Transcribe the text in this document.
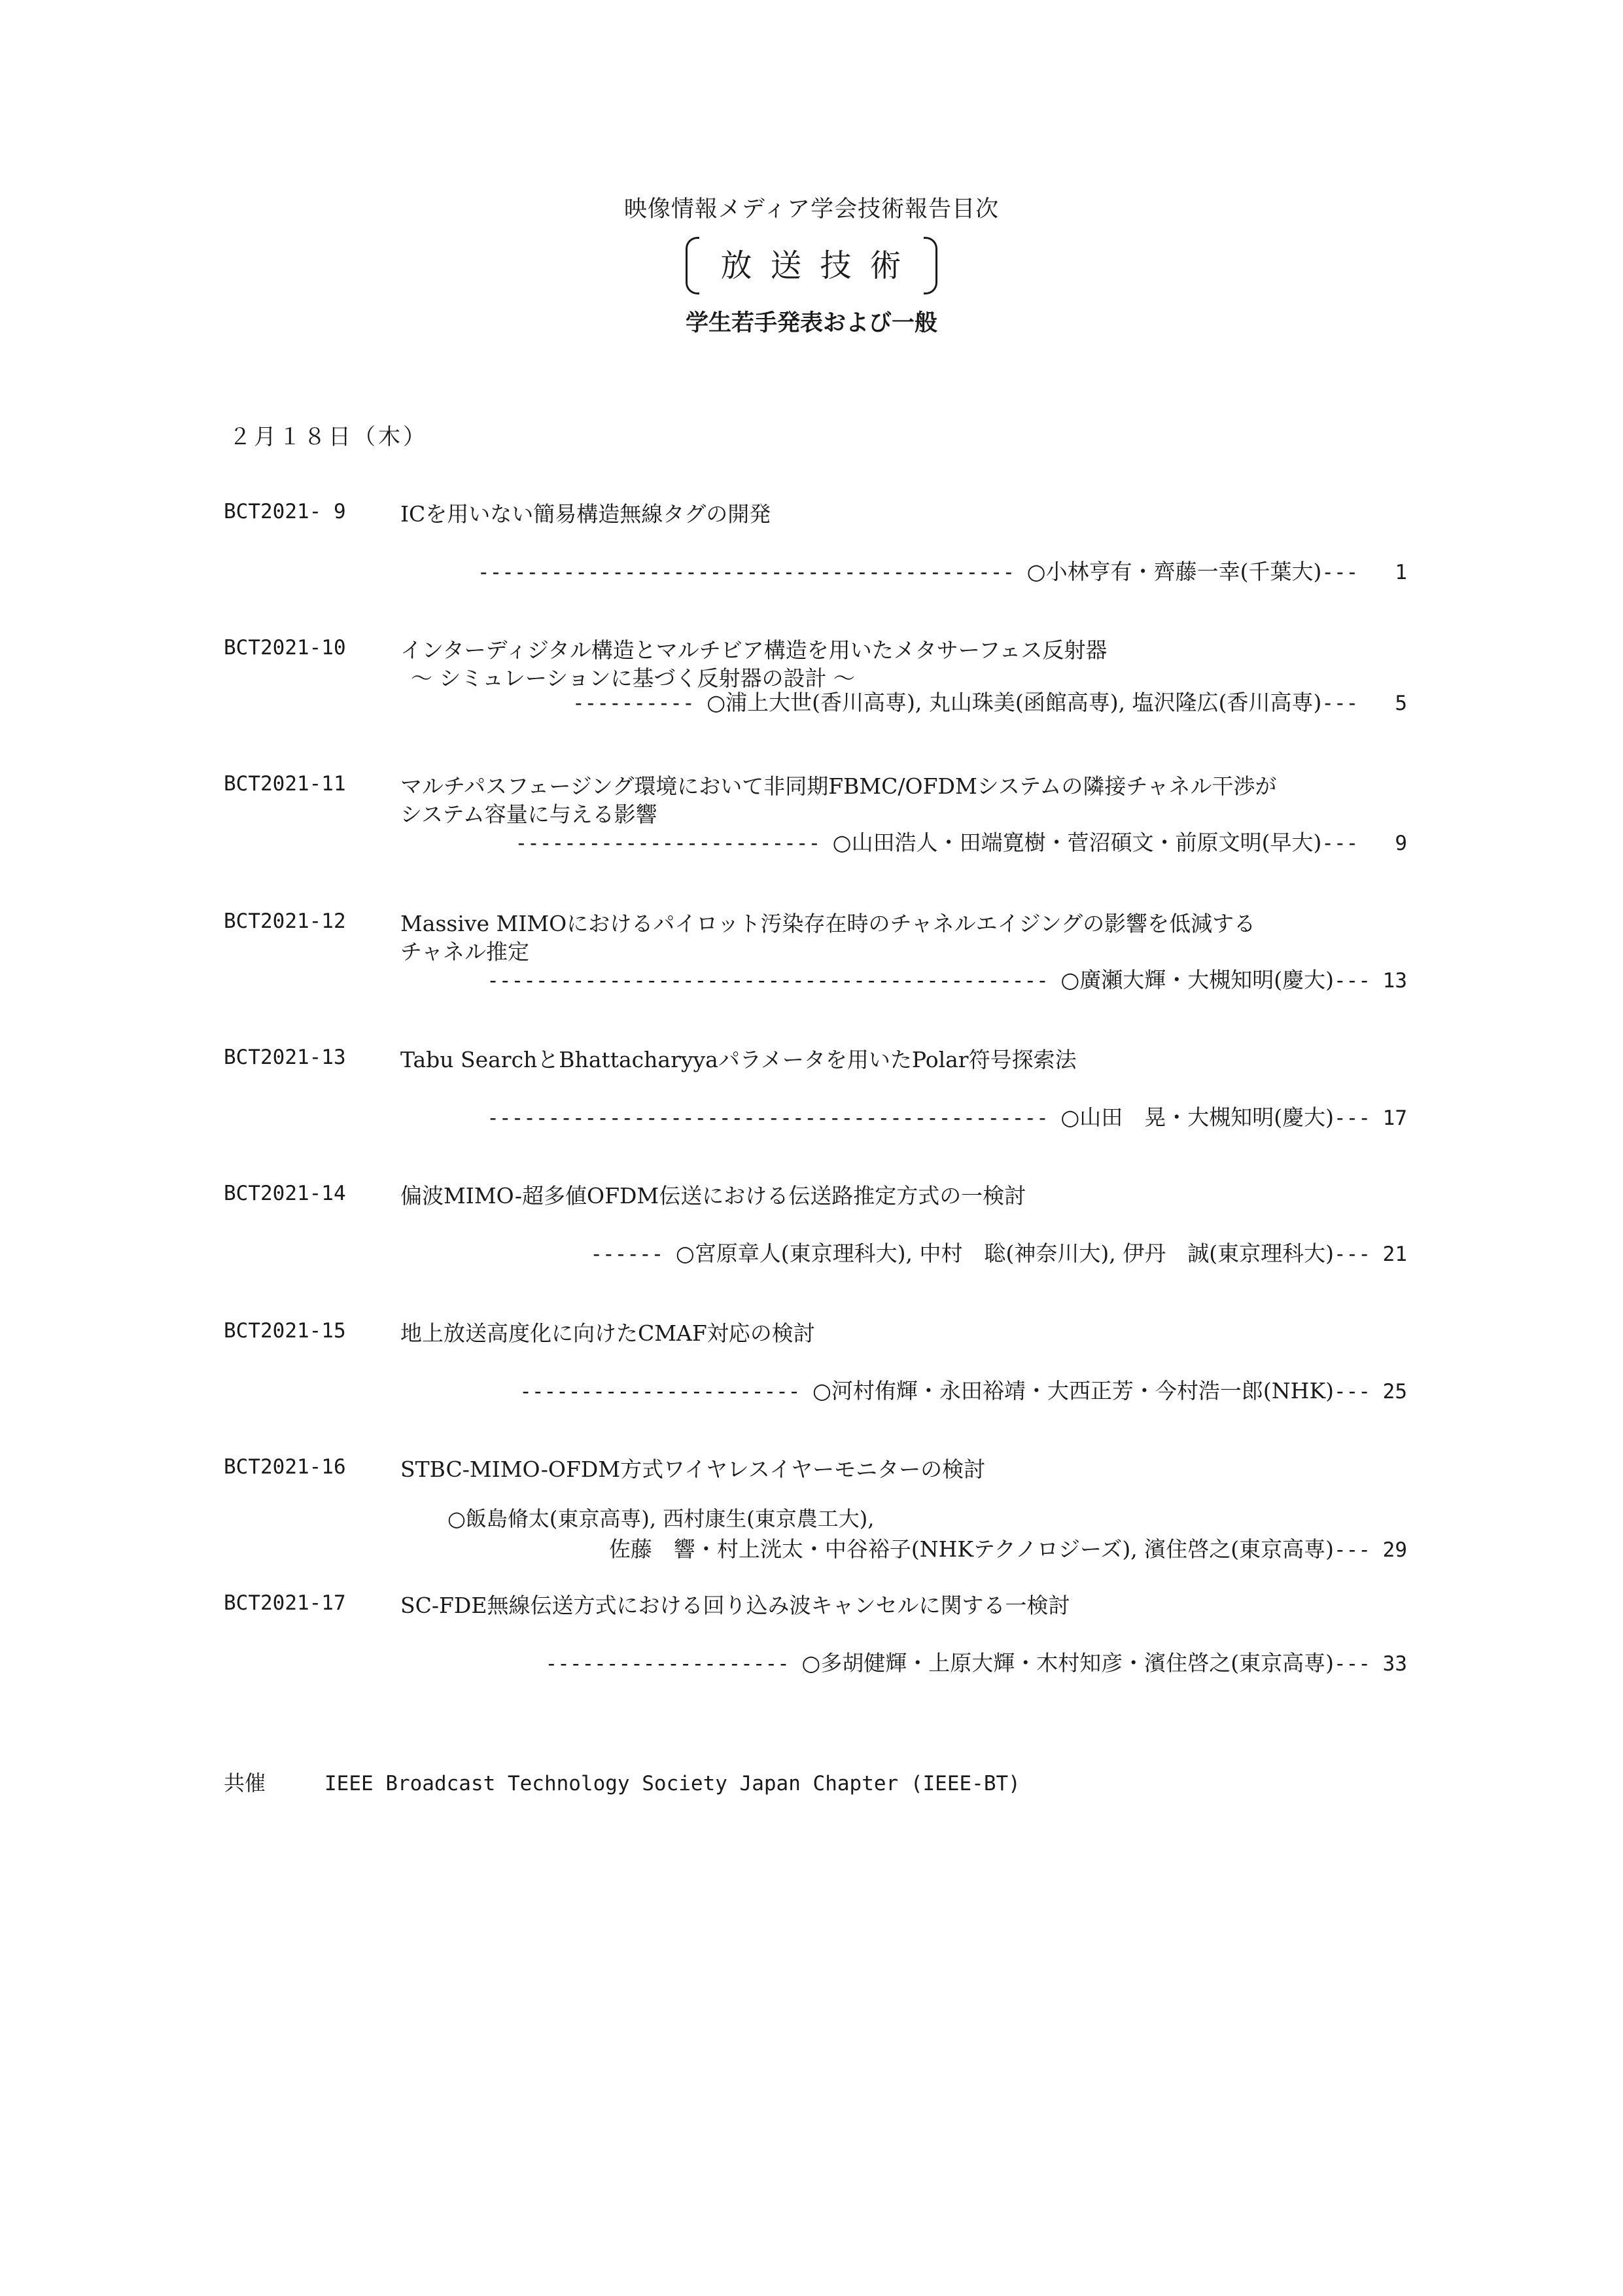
映像情報メディア学会技術報告目次
放送技術
学生若手発表および一般
２月１８日（木）
BCT2021- 9	ICを用いない簡易構造無線タグの開発
-------------------------------------------- ○小林亨有・齊藤一幸(千葉大)--- 1
BCT2021-10	インターディジタル構造とマルチビア構造を用いたメタサーフェス反射器
～ シミュレーションに基づく反射器の設計 ～
---------- ○浦上大世(香川高専), 丸山珠美(函館高専), 塩沢隆広(香川高専)--- 5
BCT2021-11	マルチパスフェージング環境において非同期FBMC/OFDMシステムの隣接チャネル干渉が
システム容量に与える影響
------------------------- ○山田浩人・田端寛樹・菅沼碩文・前原文明(早大)--- 9
BCT2021-12	Massive MIMOにおけるパイロット汚染存在時のチャネルエイジングの影響を低減する
チャネル推定
---------------------------------------------- ○廣瀬大輝・大槻知明(慶大)--- 13
BCT2021-13	Tabu SearchとBhattacharyyaパラメータを用いたPolar符号探索法
---------------------------------------------- ○山田　晃・大槻知明(慶大)--- 17
BCT2021-14	偏波MIMO-超多値OFDM伝送における伝送路推定方式の一検討
------ ○宮原章人(東京理科大), 中村　聡(神奈川大), 伊丹　誠(東京理科大)--- 21
BCT2021-15	地上放送高度化に向けたCMAF対応の検討
----------------------- ○河村侑輝・永田裕靖・大西正芳・今村浩一郎(NHK)--- 25
BCT2021-16	STBC-MIMO-OFDM方式ワイヤレスイヤーモニターの検討
○飯島脩太(東京高専), 西村康生(東京農工大),
佐藤　響・村上洸太・中谷裕子(NHKテクノロジーズ), 濱住啓之(東京高専)--- 29
BCT2021-17	SC-FDE無線伝送方式における回り込み波キャンセルに関する一検討
-------------------- ○多胡健輝・上原大輝・木村知彦・濱住啓之(東京高専)--- 33
共催	IEEE Broadcast Technology Society Japan Chapter (IEEE-BT)
